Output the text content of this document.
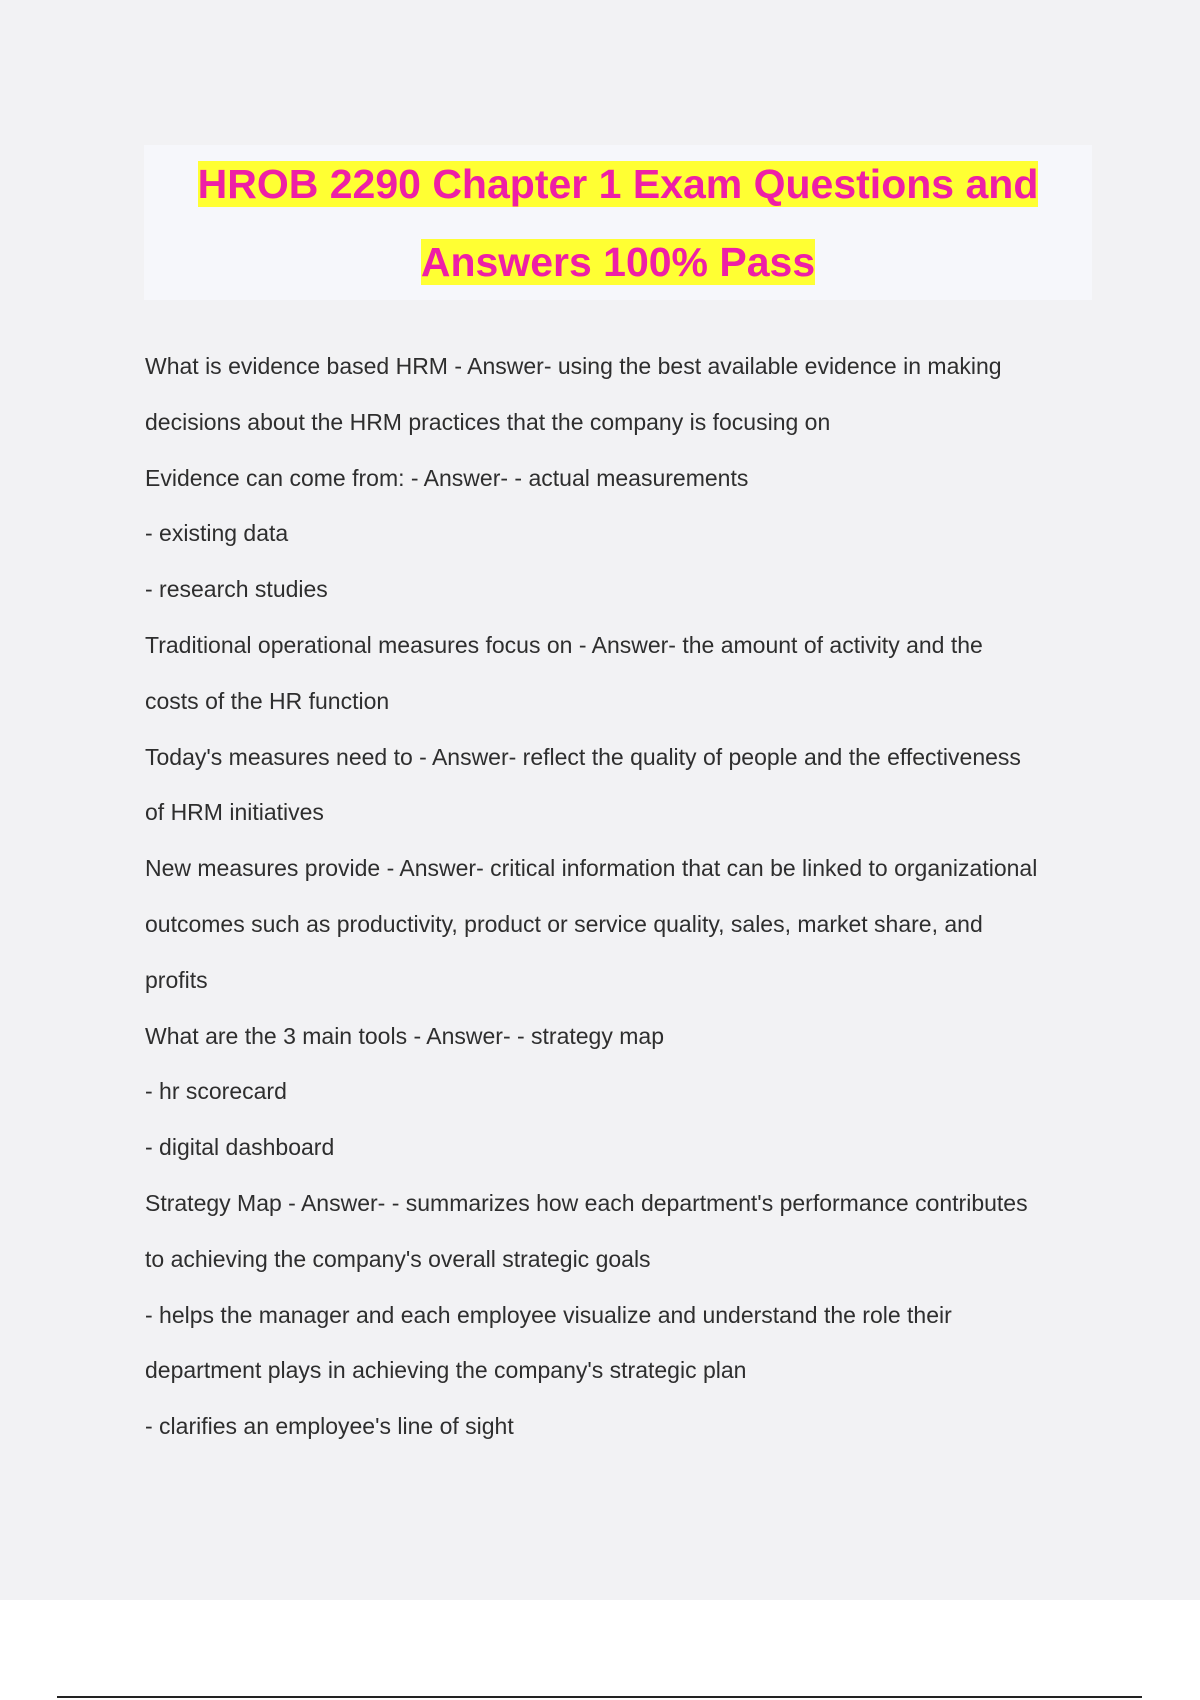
HROB 2290 Chapter 1 Exam Questions and

Answers 100% Pass

What is evidence based HRM - Answer- using the best available evidence in making
decisions about the HRM practices that the company is focusing on
Evidence can come from: - Answer- - actual measurements
- existing data
- research studies
Traditional operational measures focus on - Answer- the amount of activity and the
costs of the HR function
Today's measures need to - Answer- reflect the quality of people and the effectiveness
of HRM initiatives
New measures provide - Answer- critical information that can be linked to organizational
outcomes such as productivity, product or service quality, sales, market share, and
profits
What are the 3 main tools - Answer- - strategy map
- hr scorecard
- digital dashboard
Strategy Map - Answer- - summarizes how each department's performance contributes
to achieving the company's overall strategic goals
- helps the manager and each employee visualize and understand the role their
department plays in achieving the company's strategic plan
- clarifies an employee's line of sight
